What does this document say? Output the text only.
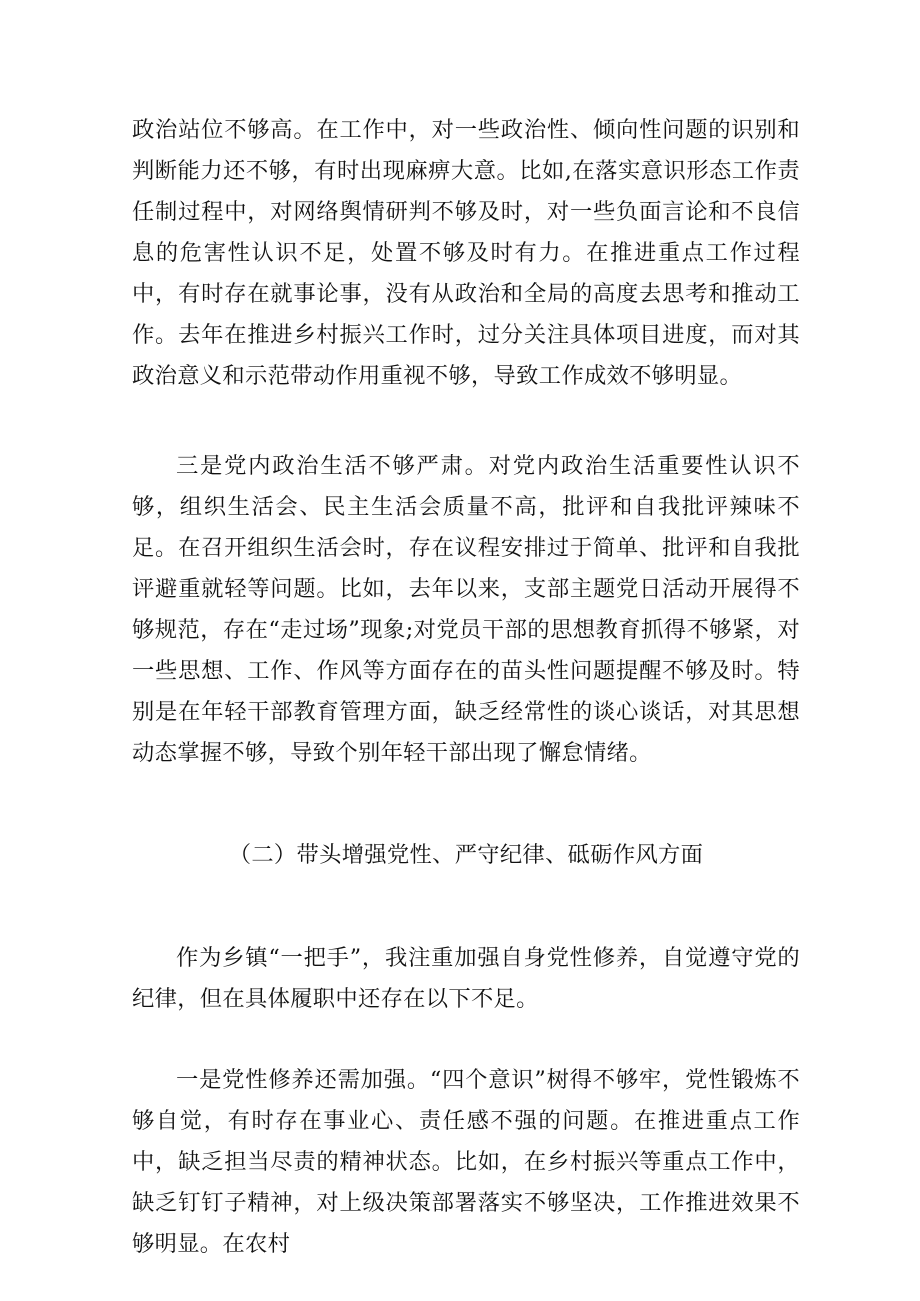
政治站位不够高。在工作中，对一些政治性、倾向性问题的识别和判断能力还不够，有时出现麻痹大意。比如,在落实意识形态工作责任制过程中，对网络舆情研判不够及时，对一些负面言论和不良信息的危害性认识不足，处置不够及时有力。在推进重点工作过程中，有时存在就事论事，没有从政治和全局的高度去思考和推动工作。去年在推进乡村振兴工作时，过分关注具体项目进度，而对其政治意义和示范带动作用重视不够，导致工作成效不够明显。

三是党内政治生活不够严肃。对党内政治生活重要性认识不够，组织生活会、民主生活会质量不高，批评和自我批评辣味不足。在召开组织生活会时，存在议程安排过于简单、批评和自我批评避重就轻等问题。比如，去年以来，支部主题党日活动开展得不够规范，存在“走过场”现象;对党员干部的思想教育抓得不够紧，对一些思想、工作、作风等方面存在的苗头性问题提醒不够及时。特别是在年轻干部教育管理方面，缺乏经常性的谈心谈话，对其思想动态掌握不够，导致个别年轻干部出现了懈怠情绪。

（二）带头增强党性、严守纪律、砥砺作风方面

作为乡镇“一把手”，我注重加强自身党性修养，自觉遵守党的纪律，但在具体履职中还存在以下不足。

一是党性修养还需加强。“四个意识”树得不够牢，党性锻炼不够自觉，有时存在事业心、责任感不强的问题。在推进重点工作中，缺乏担当尽责的精神状态。比如，在乡村振兴等重点工作中，缺乏钉钉子精神，对上级决策部署落实不够坚决，工作推进效果不够明显。在农村
